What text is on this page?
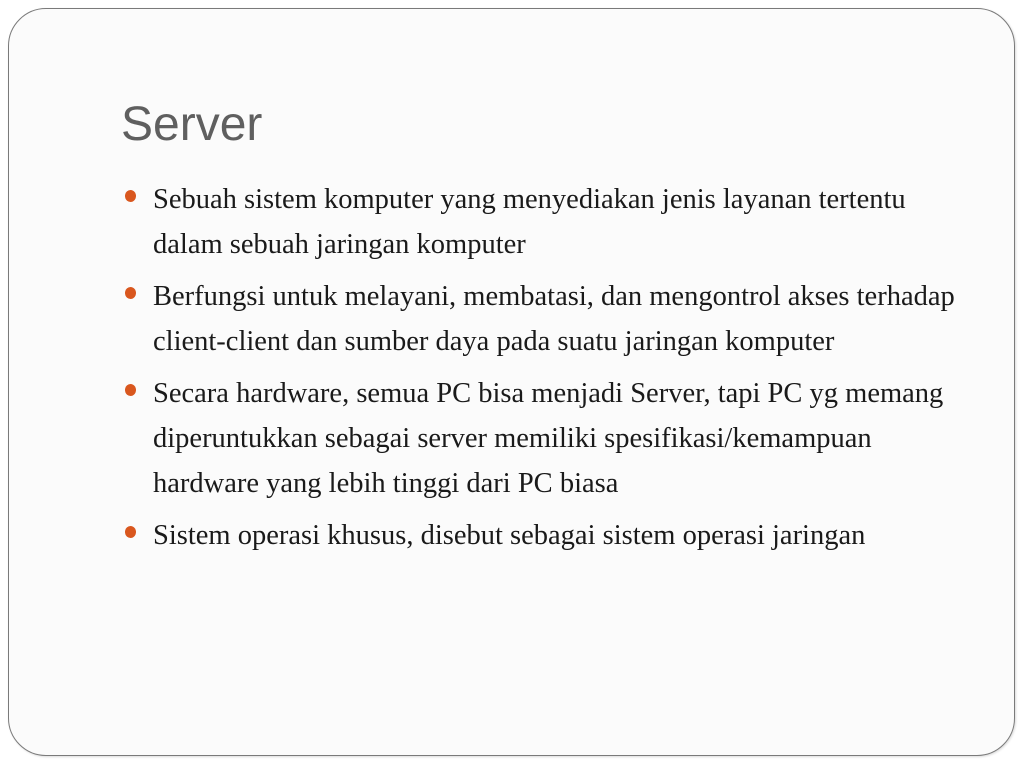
Server
Sebuah sistem komputer yang menyediakan jenis layanan tertentu dalam sebuah jaringan komputer
Berfungsi untuk melayani, membatasi, dan mengontrol akses terhadap client-client dan sumber daya pada suatu jaringan komputer
Secara hardware, semua PC bisa menjadi Server, tapi PC yg memang diperuntukkan sebagai server memiliki spesifikasi/kemampuan hardware yang lebih tinggi dari PC biasa
Sistem operasi khusus, disebut sebagai sistem operasi jaringan
